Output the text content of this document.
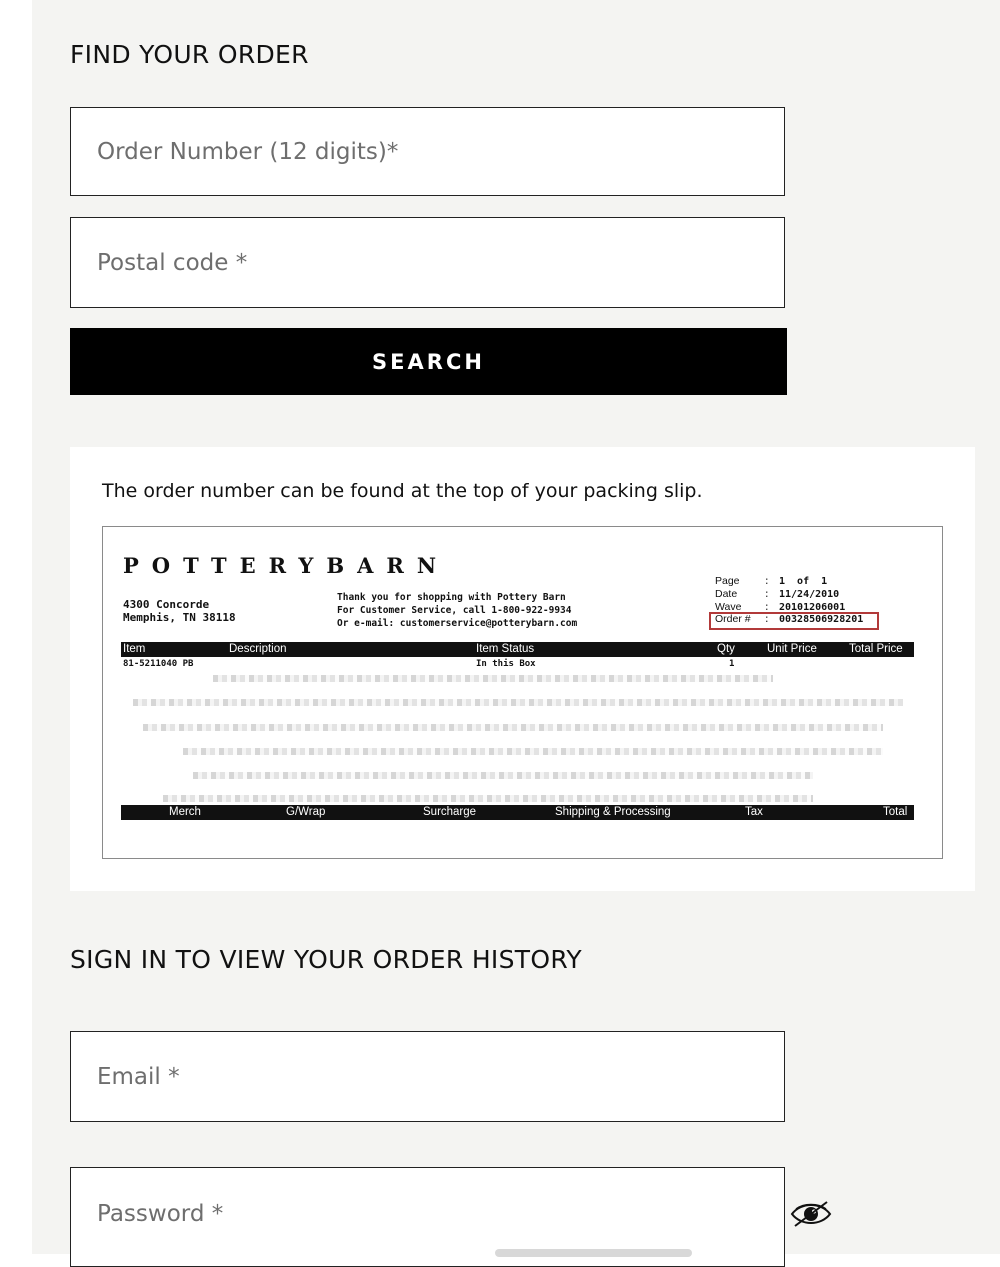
FIND YOUR ORDER
Order Number (12 digits)*
Postal code *
SEARCH
The order number can be found at the top of your packing slip.
POTTERYBARN
4300 Concorde
Memphis, TN 38118
Thank you for shopping with Pottery Barn
For Customer Service, call 1-800-922-9934
Or e-mail: customerservice@potterybarn.com
Page	:	1  of  1
Date	:	11/24/2010
Wave	:	20101206001
Order #	:	00328506928201
Item	Description	Item Status	Qty	Unit Price	Total Price
81-5211040 PB	In this Box	1
Merch	G/Wrap	Surcharge	Shipping & Processing	Tax	Total
SIGN IN TO VIEW YOUR ORDER HISTORY
Email *
